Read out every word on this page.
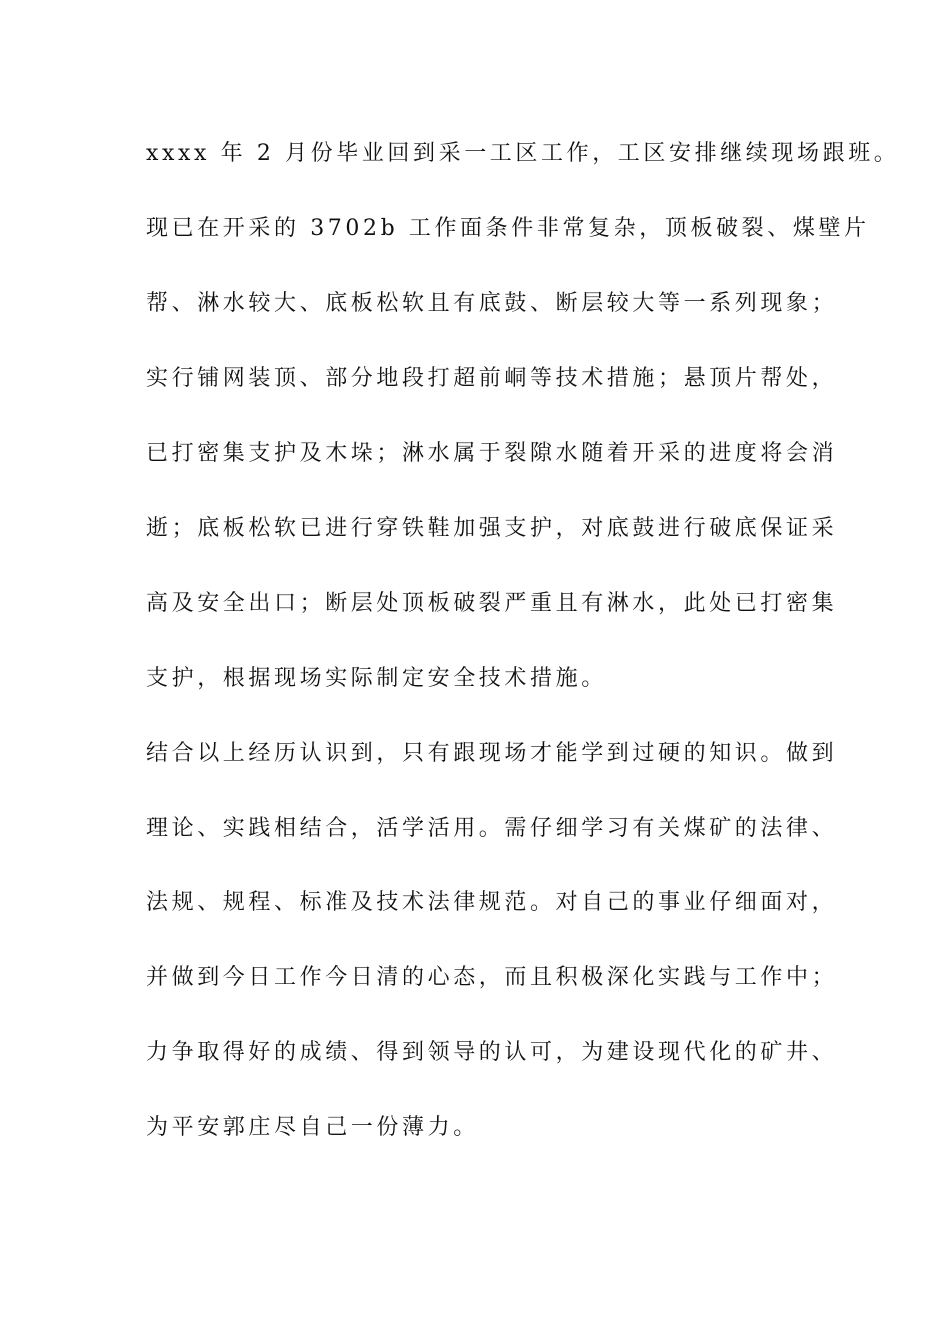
xxxx 年 2 月份毕业回到采一工区工作，工区安排继续现场跟班。
现已在开采的 3702b 工作面条件非常复杂，顶板破裂、煤壁片
帮、淋水较大、底板松软且有底鼓、断层较大等一系列现象；
实行铺网装顶、部分地段打超前峒等技术措施；悬顶片帮处，
已打密集支护及木垛；淋水属于裂隙水随着开采的进度将会消
逝；底板松软已进行穿铁鞋加强支护，对底鼓进行破底保证采
高及安全出口；断层处顶板破裂严重且有淋水，此处已打密集
支护，根据现场实际制定安全技术措施。
结合以上经历认识到，只有跟现场才能学到过硬的知识。做到
理论、实践相结合，活学活用。需仔细学习有关煤矿的法律、
法规、规程、标准及技术法律规范。对自己的事业仔细面对，
并做到今日工作今日清的心态，而且积极深化实践与工作中；
力争取得好的成绩、得到领导的认可，为建设现代化的矿井、
为平安郭庄尽自己一份薄力。
